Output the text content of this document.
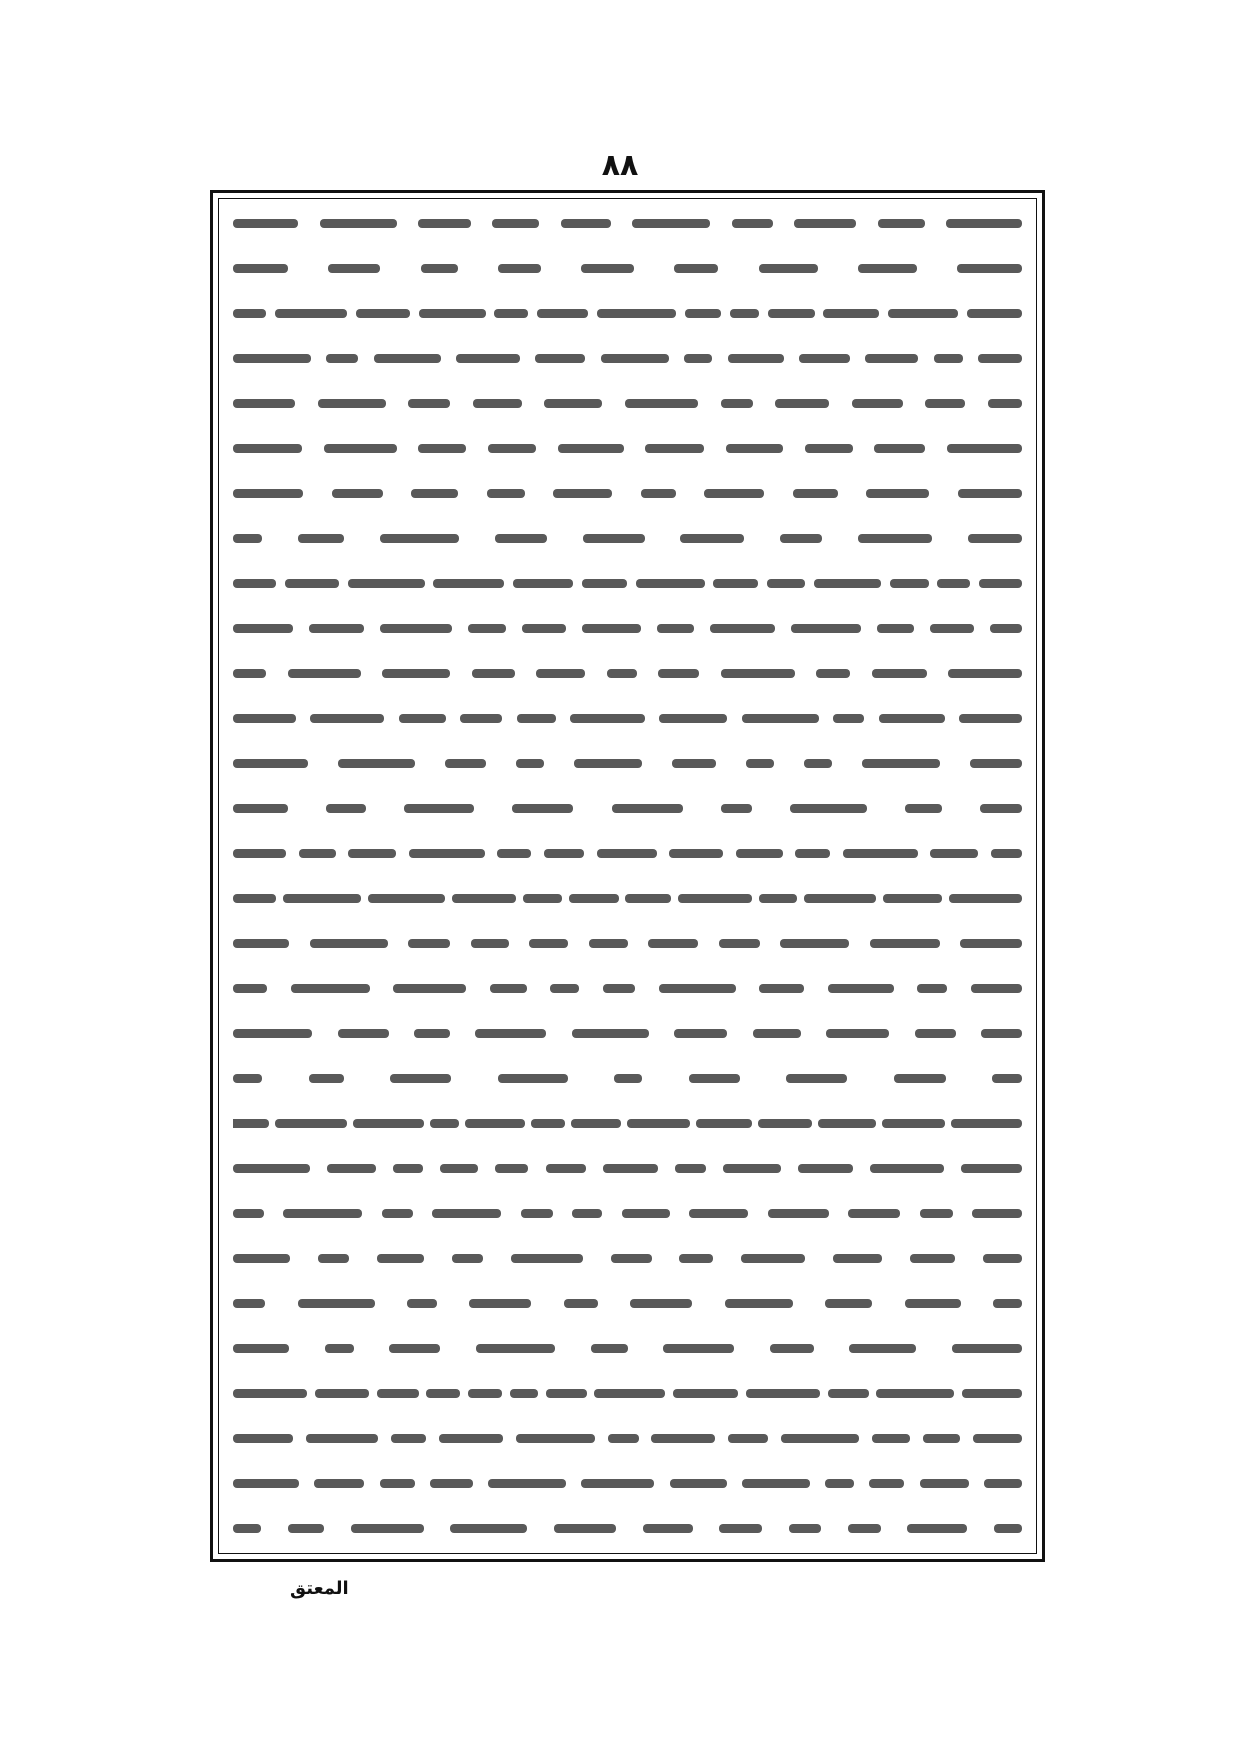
٨٨
المعتق
